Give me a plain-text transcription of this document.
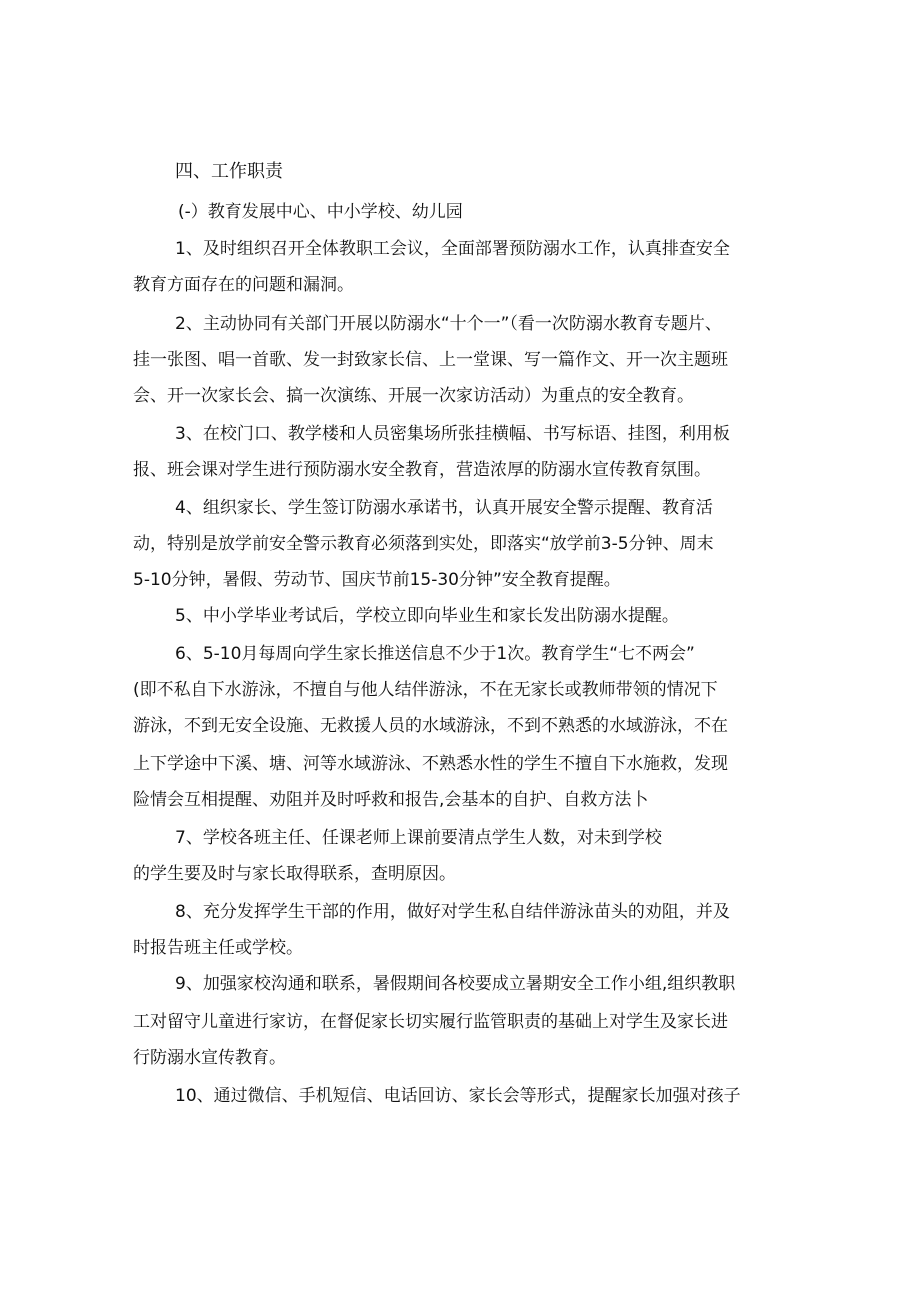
四、工作职责
(-）教育发展中心、中小学校、幼儿园
1、及时组织召开全体教职工会议，全面部署预防溺水工作，认真排查安全
教育方面存在的问题和漏洞。
2、主动协同有关部门开展以防溺水“十个一”（看一次防溺水教育专题片、
挂一张图、唱一首歌、发一封致家长信、上一堂课、写一篇作文、开一次主题班
会、开一次家长会、搞一次演练、开展一次家访活动）为重点的安全教育。
3、在校门口、教学楼和人员密集场所张挂横幅、书写标语、挂图，利用板
报、班会课对学生进行预防溺水安全教育，营造浓厚的防溺水宣传教育氛围。
4、组织家长、学生签订防溺水承诺书，认真开展安全警示提醒、教育活
动，特别是放学前安全警示教育必须落到实处，即落实“放学前3-5分钟、周末
5-10分钟，暑假、劳动节、国庆节前15-30分钟”安全教育提醒。
5、中小学毕业考试后，学校立即向毕业生和家长发出防溺水提醒。
6、5-10月每周向学生家长推送信息不少于1次。教育学生“七不两会”
(即不私自下水游泳，不擅自与他人结伴游泳，不在无家长或教师带领的情况下
游泳，不到无安全设施、无救援人员的水域游泳，不到不熟悉的水域游泳，不在
上下学途中下溪、塘、河等水域游泳、不熟悉水性的学生不擅自下水施救，发现
险情会互相提醒、劝阻并及时呼救和报告,会基本的自护、自救方法卜
7、学校各班主任、任课老师上课前要清点学生人数，对未到学校
的学生要及时与家长取得联系，查明原因。
8、充分发挥学生干部的作用，做好对学生私自结伴游泳苗头的劝阻，并及
时报告班主任或学校。
9、加强家校沟通和联系，暑假期间各校要成立暑期安全工作小组,组织教职
工对留守儿童进行家访，在督促家长切实履行监管职责的基础上对学生及家长进
行防溺水宣传教育。
10、通过微信、手机短信、电话回访、家长会等形式，提醒家长加强对孩子
